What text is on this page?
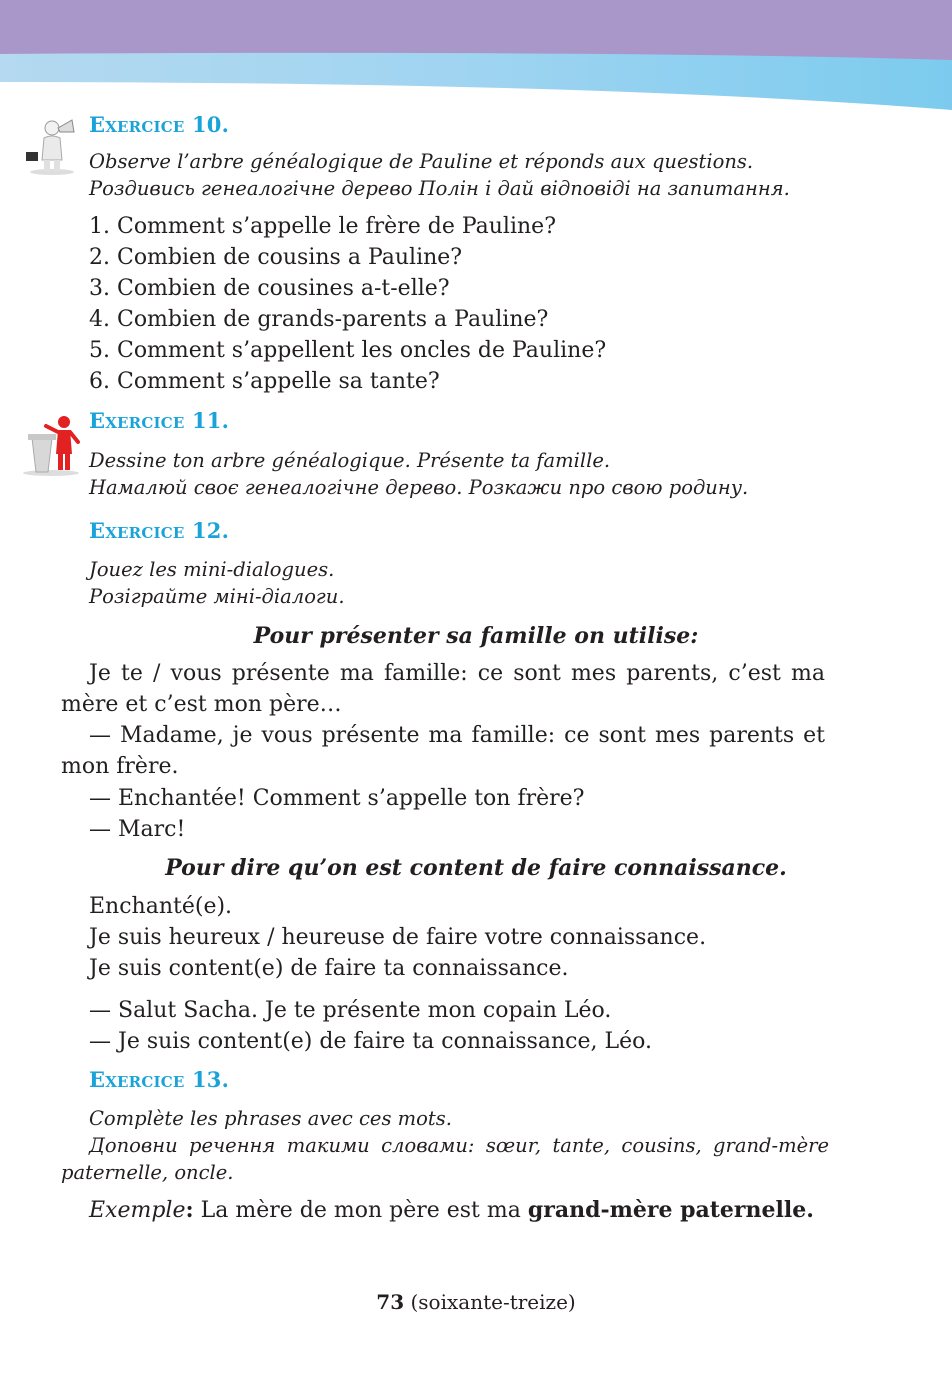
Exercice 10.
Observe l’arbre généalogique de Pauline et réponds aux questions.
Роздивись генеалогічне дерево Полін і дай відповіді на запитання.
1. Comment s’appelle le frère de Pauline?
2. Combien de cousins a Pauline?
3. Combien de cousines a-t-elle?
4. Combien de grands-parents a Pauline?
5. Comment s’appellent les oncles de Pauline?
6. Comment s’appelle sa tante?
Exercice 11.
Dessine ton arbre généalogique. Présente ta famille.
Намалюй своє генеалогічне дерево. Розкажи про свою родину.
Exercice 12.
Jouez les mini-dialogues.
Розіграйте міні-діалоги.
Pour présenter sa famille on utilise:
Je te / vous présente ma famille: ce sont mes parents, c’est ma mère et c’est mon père…
— Madame, je vous présente ma famille: ce sont mes parents et mon frère.
— Enchantée! Comment s’appelle ton frère?
— Marc!
Pour dire qu’on est content de faire connaissance.
Enchanté(e).
Je suis heureux / heureuse de faire votre connaissance.
Je suis content(e) de faire ta connaissance.
— Salut Sacha. Je te présente mon copain Léo.
— Je suis content(e) de faire ta connaissance, Léo.
Exercice 13.
Complète les phrases avec ces mots.
Доповни речення такими словами: sœur, tante, cousins, grand-mère paternelle, oncle.
Exemple: La mère de mon père est ma grand-mère paternelle.
73 (soixante-treize)
